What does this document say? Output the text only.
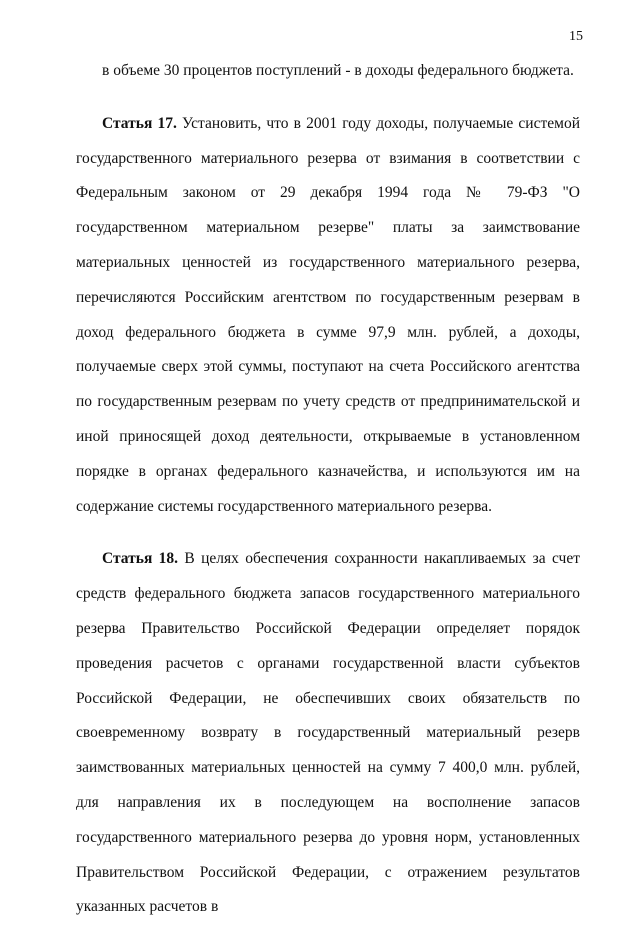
15

в объеме 30 процентов поступлений - в доходы федерального бюджета.

Статья 17. Установить, что в 2001 году доходы, получаемые системой государственного материального резерва от взимания в соответствии с Федеральным законом от 29 декабря 1994 года № 79-ФЗ "О государственном материальном резерве" платы за заимствование материальных ценностей из государственного материального резерва, перечисляются Российским агентством по государственным резервам в доход федерального бюджета в сумме 97,9 млн. рублей, а доходы, получаемые сверх этой суммы, поступают на счета Российского агентства по государственным резервам по учету средств от предпринимательской и иной приносящей доход деятельности, открываемые в установленном порядке в органах федерального казначейства, и используются им на содержание системы государственного материального резерва.

Статья 18. В целях обеспечения сохранности накапливаемых за счет средств федерального бюджета запасов государственного материального резерва Правительство Российской Федерации определяет порядок проведения расчетов с органами государственной власти субъектов Российской Федерации, не обеспечивших своих обязательств по своевременному возврату в государственный материальный резерв заимствованных материальных ценностей на сумму 7 400,0 млн. рублей, для направления их в последующем на восполнение запасов государственного материального резерва до уровня норм, установленных Правительством Российской Федерации, с отражением результатов указанных расчетов в
